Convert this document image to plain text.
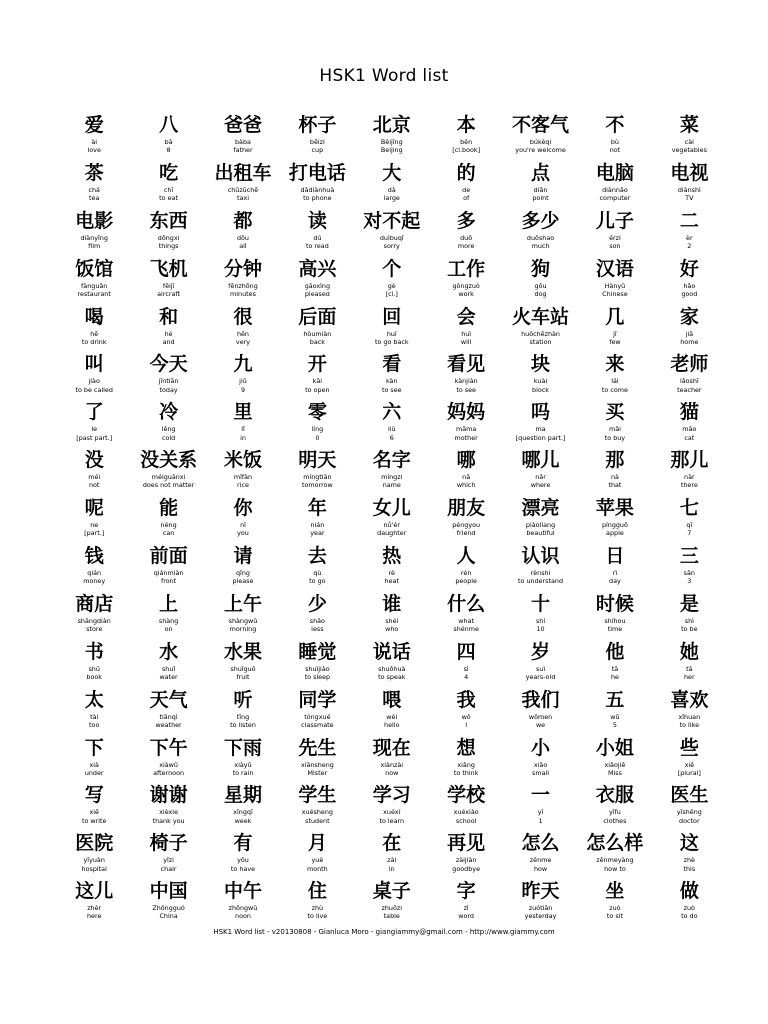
HSK1 Word list
爱
ài
love
八
bā
8
爸爸
bàba
father
杯子
bēizi
cup
北京
Běijīng
Beijing
本
běn
[cl.book]
不客气
búkèqi
you're welcome
不
bù
not
菜
cài
vegetables
茶
chá
tea
吃
chī
to eat
出租车
chūzūchē
taxi
打电话
dǎdiànhuà
to phone
大
dà
large
的
de
of
点
diǎn
point
电脑
diànnǎo
computer
电视
diànshì
TV
电影
diànyǐng
film
东西
dōngxi
things
都
dōu
all
读
dú
to read
对不起
duìbuqǐ
sorry
多
duō
more
多少
duōshao
much
儿子
érzi
son
二
èr
2
饭馆
fànguǎn
restaurant
飞机
fēijī
aircraft
分钟
fēnzhōng
minutes
高兴
gāoxìng
pleased
个
gè
[cl.]
工作
gōngzuò
work
狗
gǒu
dog
汉语
Hànyǔ
Chinese
好
hǎo
good
喝
hē
to drink
和
hé
and
很
hěn
very
后面
hòumiàn
back
回
huí
to go back
会
huì
will
火车站
huǒchēzhàn
station
几
jǐ
few
家
jiā
home
叫
jiào
to be called
今天
jīntiān
today
九
jiǔ
9
开
kāi
to open
看
kàn
to see
看见
kànjiàn
to see
块
kuài
block
来
lái
to come
老师
lǎoshī
teacher
了
le
[past part.]
冷
lěng
cold
里
lǐ
in
零
líng
0
六
liù
6
妈妈
māma
mother
吗
ma
[question part.]
买
mǎi
to buy
猫
māo
cat
没
méi
not
没关系
méiguānxi
does not matter
米饭
mǐfàn
rice
明天
míngtiān
tomorrow
名字
míngzi
name
哪
nǎ
which
哪儿
nǎr
where
那
nà
that
那儿
nàr
there
呢
ne
[part.]
能
néng
can
你
nǐ
you
年
nián
year
女儿
nǚ'ér
daughter
朋友
péngyou
friend
漂亮
piàoliang
beautiful
苹果
píngguǒ
apple
七
qī
7
钱
qián
money
前面
qiánmiàn
front
请
qǐng
please
去
qù
to go
热
rè
heat
人
rén
people
认识
rènshi
to understand
日
rì
day
三
sān
3
商店
shāngdiàn
store
上
shàng
on
上午
shàngwǔ
morning
少
shǎo
less
谁
shéi
who
什么
what
shénme
十
shí
10
时候
shíhou
time
是
shì
to be
书
shū
book
水
shuǐ
water
水果
shuǐguǒ
fruit
睡觉
shuìjiào
to sleep
说话
shuōhuà
to speak
四
sì
4
岁
suì
years-old
他
tā
he
她
tā
her
太
tài
too
天气
tiānqì
weather
听
tīng
to listen
同学
tóngxué
classmate
喂
wèi
hello
我
wǒ
I
我们
wǒmen
we
五
wǔ
5
喜欢
xǐhuan
to like
下
xià
under
下午
xiàwǔ
afternoon
下雨
xiàyǔ
to rain
先生
xiānsheng
Mister
现在
xiànzài
now
想
xiǎng
to think
小
xiǎo
small
小姐
xiǎojiě
Miss
些
xiē
[plural]
写
xiě
to write
谢谢
xièxie
thank you
星期
xīngqī
week
学生
xuésheng
student
学习
xuéxí
to learn
学校
xuéxiào
school
一
yī
1
衣服
yīfu
clothes
医生
yīshēng
doctor
医院
yīyuàn
hospital
椅子
yǐzi
chair
有
yǒu
to have
月
yuè
month
在
zài
in
再见
zàijiàn
goodbye
怎么
zěnme
how
怎么样
zěnmeyàng
how to
这
zhè
this
这儿
zhèr
here
中国
Zhōngguó
China
中午
zhōngwǔ
noon
住
zhù
to live
桌子
zhuōzi
table
字
zì
word
昨天
zuótiān
yesterday
坐
zuò
to sit
做
zuò
to do
HSK1 Word list - v20130808 - Gianluca Moro - giangiammy@gmail.com - http://www.giammy.com
